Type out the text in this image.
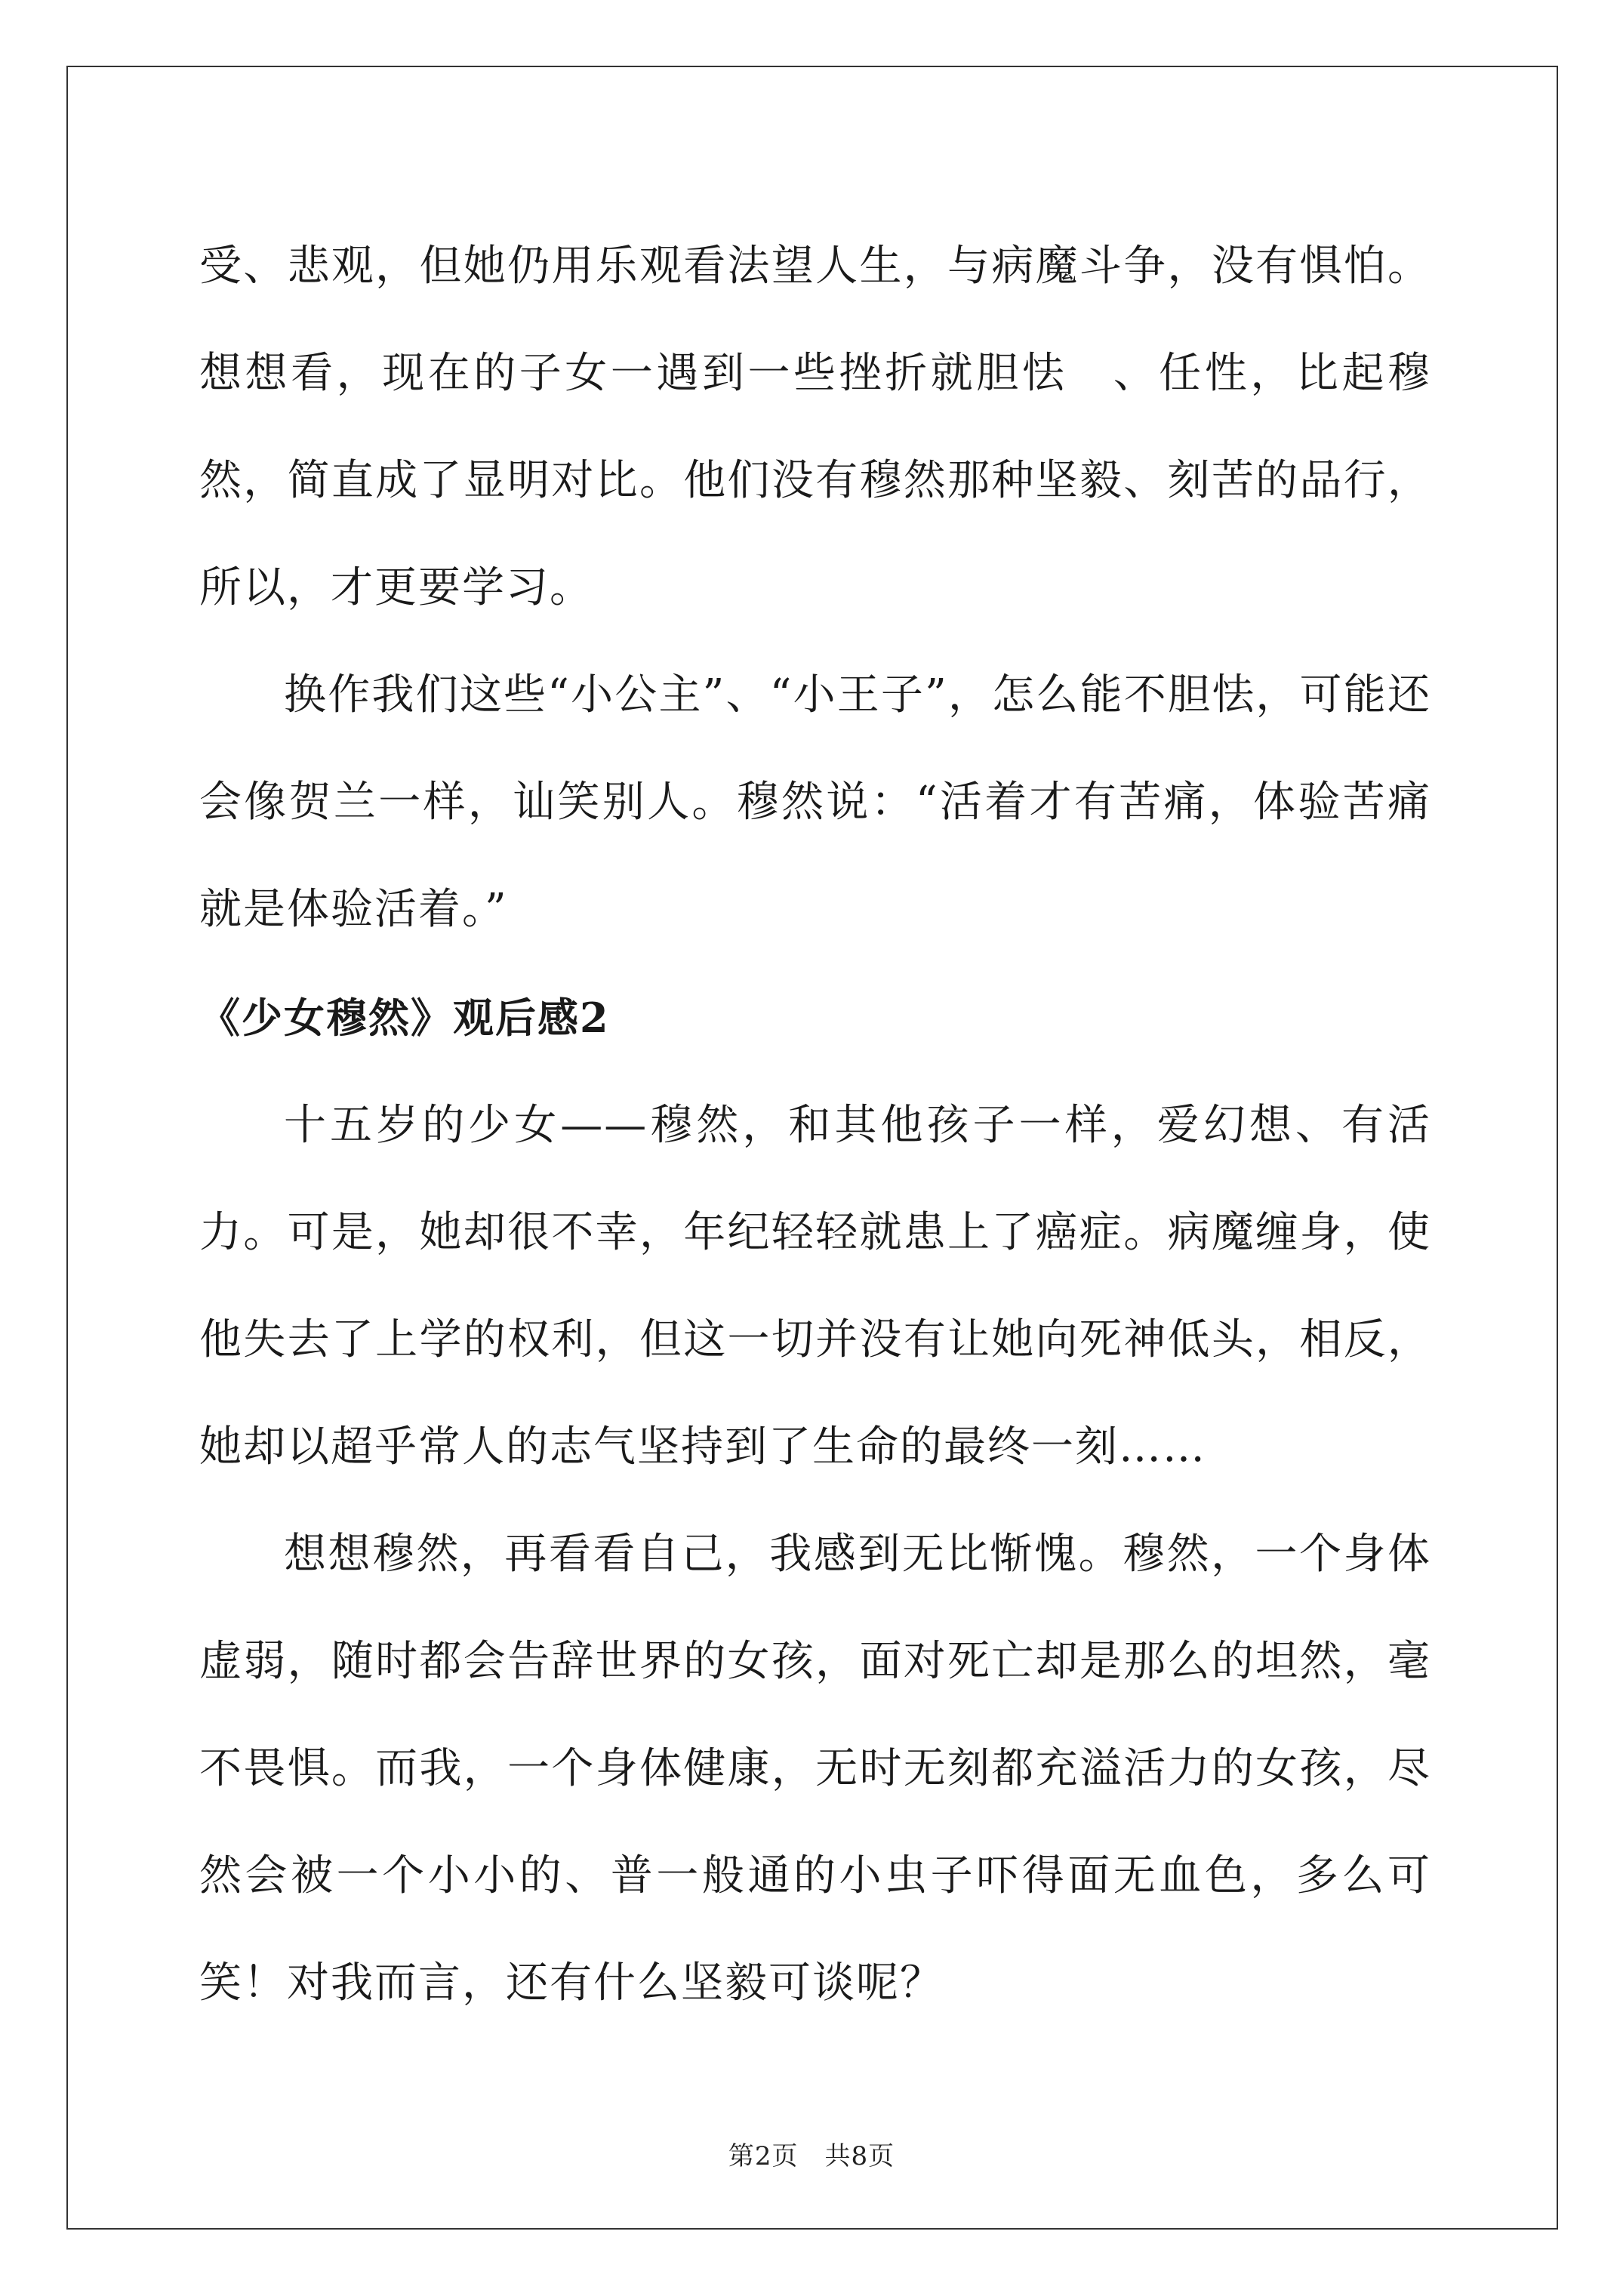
受、悲观，但她仍用乐观看法望人生，与病魔斗争，没有惧怕。想想看，现在的子女一遇到一些挫折就胆怯　、任性，比起穆然，简直成了显明对比。他们没有穆然那种坚毅、刻苦的品行，所以，才更要学习。

换作我们这些“小公主”、“小王子”，怎么能不胆怯，可能还会像贺兰一样，讪笑别人。穆然说：“活着才有苦痛，体验苦痛就是体验活着。”

《少女穆然》观后感2

十五岁的少女——穆然，和其他孩子一样，爱幻想、有活力。可是，她却很不幸，年纪轻轻就患上了癌症。病魔缠身，使他失去了上学的权利，但这一切并没有让她向死神低头，相反，她却以超乎常人的志气坚持到了生命的最终一刻……

想想穆然，再看看自己，我感到无比惭愧。穆然，一个身体虚弱，随时都会告辞世界的女孩，面对死亡却是那么的坦然，毫不畏惧。而我，一个身体健康，无时无刻都充溢活力的女孩，尽然会被一个小小的、普一般通的小虫子吓得面无血色，多么可笑！对我而言，还有什么坚毅可谈呢？

第2页　共8页
